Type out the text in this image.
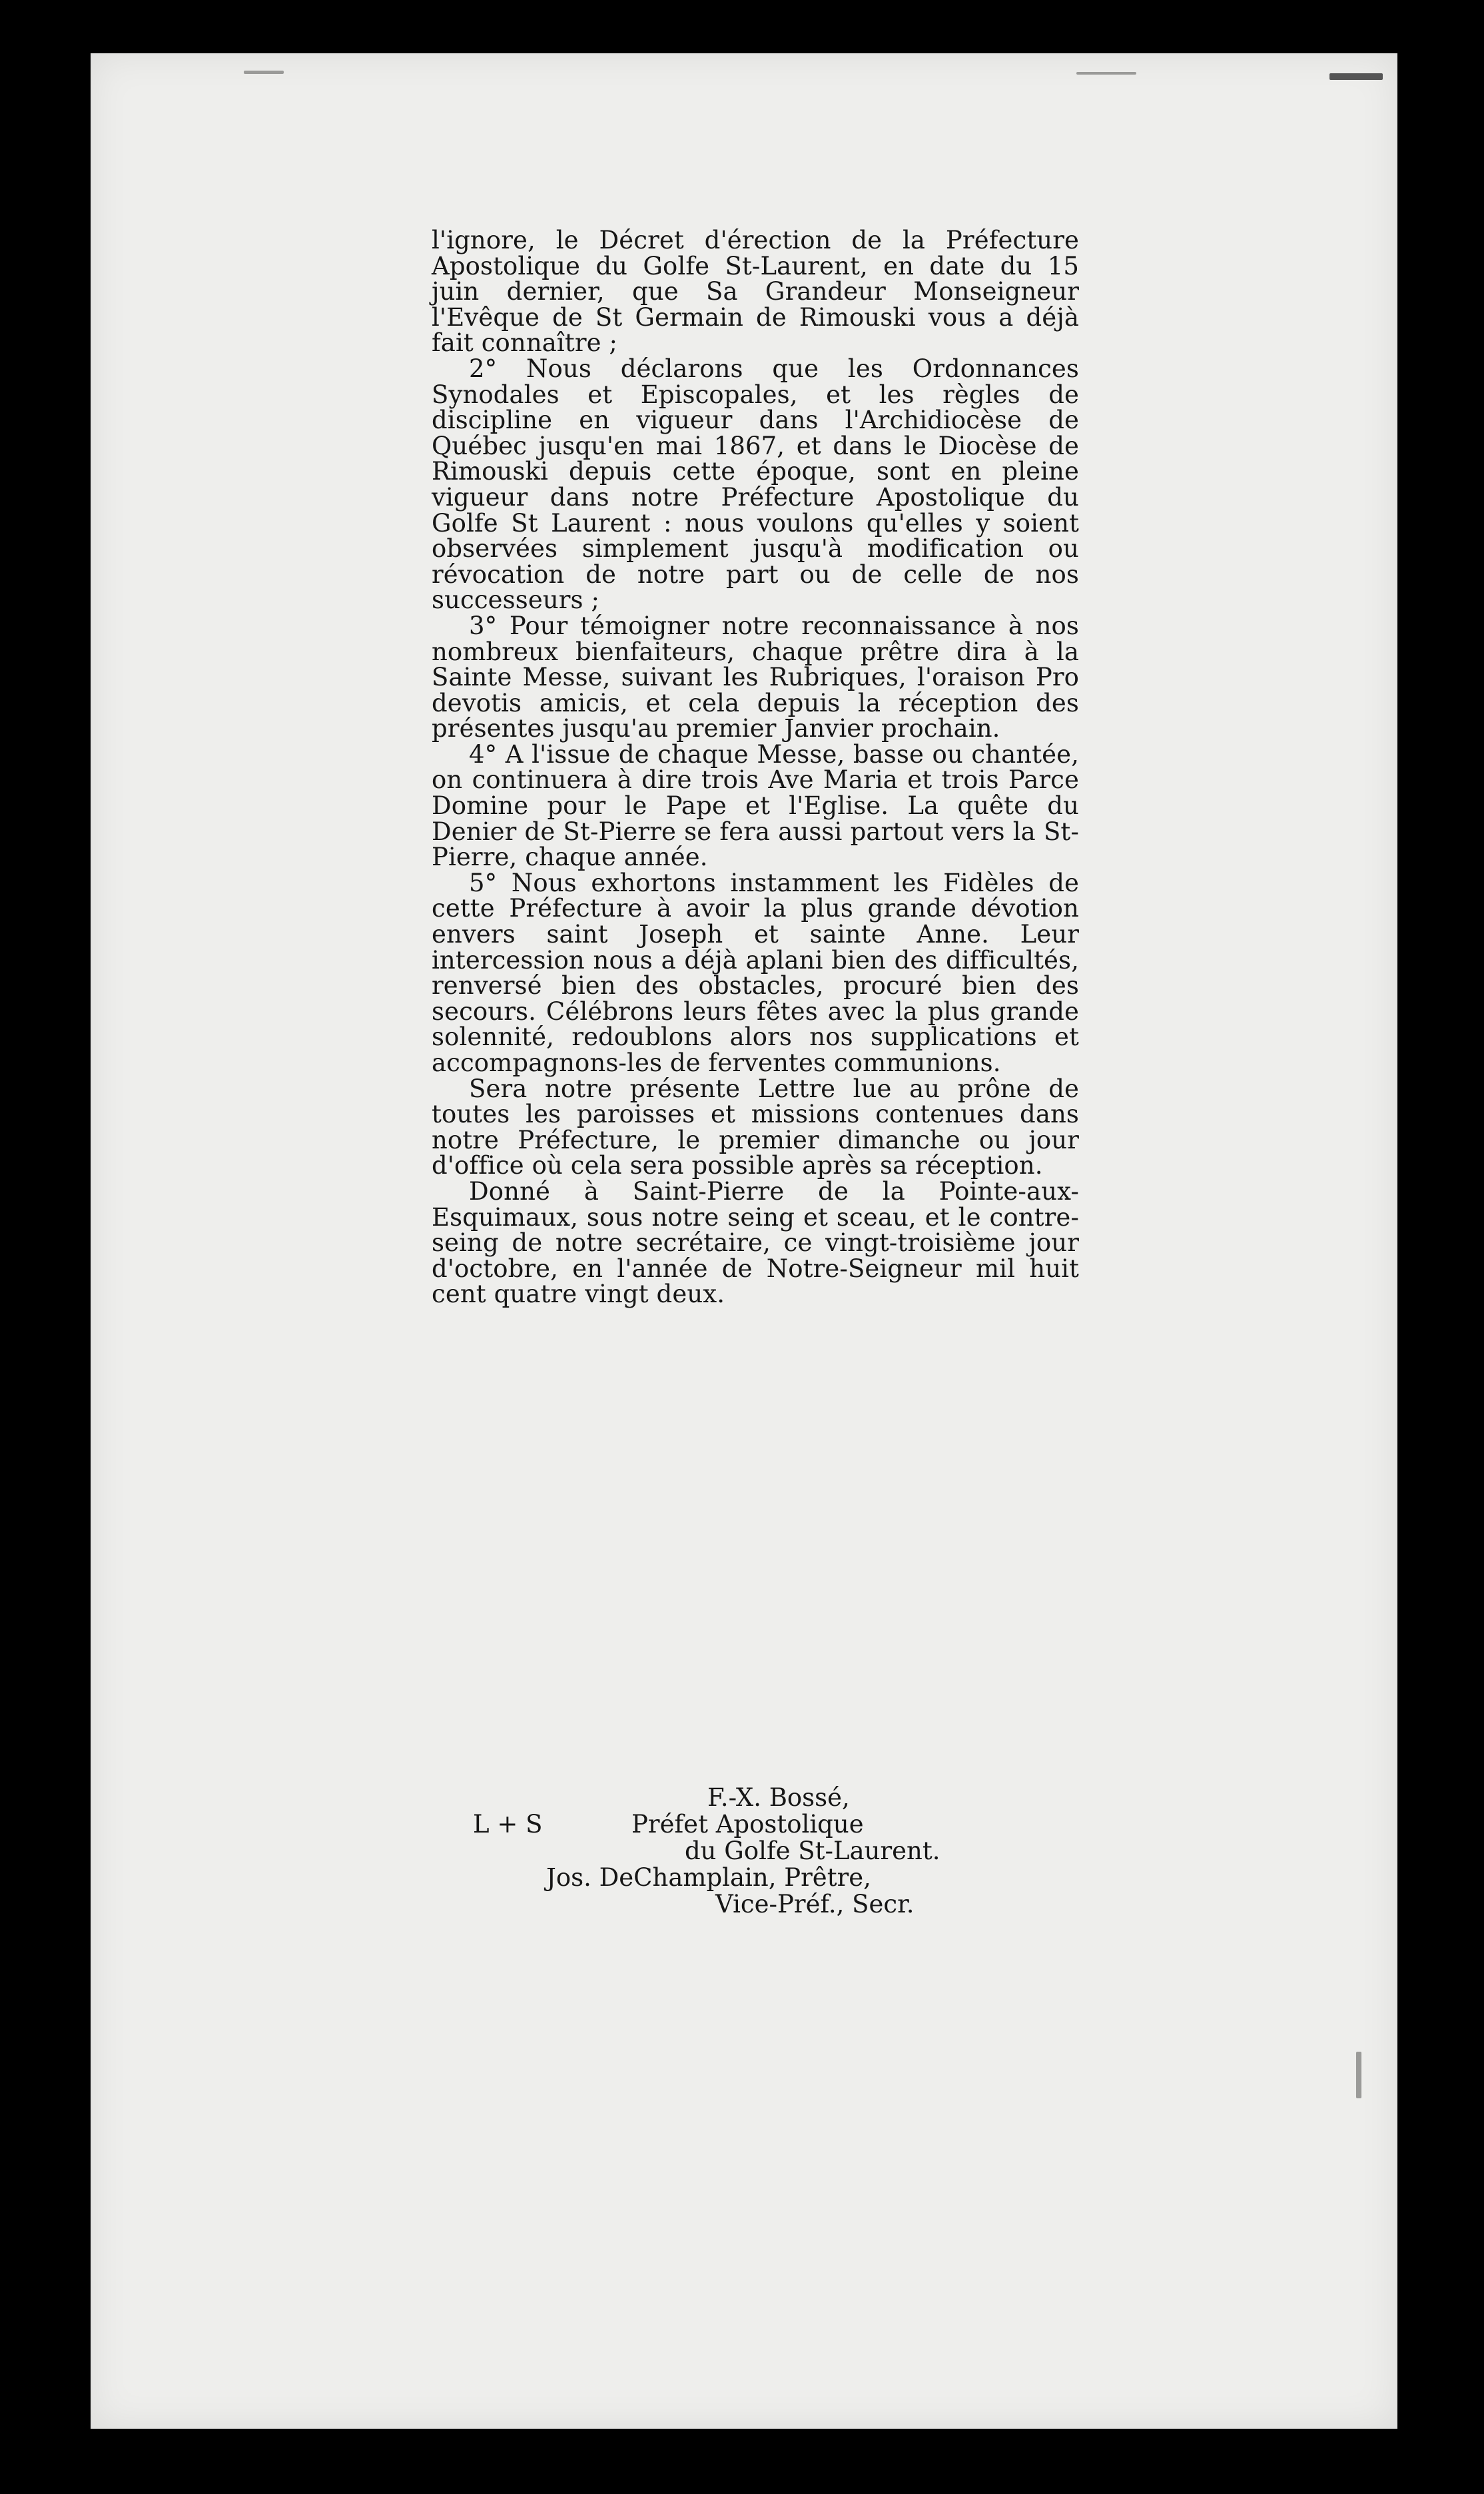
l'ignore, le Décret d'érection de la Préfecture Apostolique du Golfe St-Laurent, en date du 15 juin dernier, que Sa Grandeur Monseigneur l'Evêque de St Germain de Rimouski vous a déjà fait connaître ;

2° Nous déclarons que les Ordonnances Synodales et Episcopales, et les règles de discipline en vigueur dans l'Archidiocèse de Québec jusqu'en mai 1867, et dans le Diocèse de Rimouski depuis cette époque, sont en pleine vigueur dans notre Préfecture Apostolique du Golfe St Laurent : nous voulons qu'elles y soient observées simplement jusqu'à modification ou révocation de notre part ou de celle de nos successeurs ;

3° Pour témoigner notre reconnaissance à nos nombreux bienfaiteurs, chaque prêtre dira à la Sainte Messe, suivant les Rubriques, l'oraison Pro devotis amicis, et cela depuis la réception des présentes jusqu'au premier Janvier prochain.

4° A l'issue de chaque Messe, basse ou chantée, on continuera à dire trois Ave Maria et trois Parce Domine pour le Pape et l'Eglise. La quête du Denier de St-Pierre se fera aussi partout vers la St-Pierre, chaque année.

5° Nous exhortons instamment les Fidèles de cette Préfecture à avoir la plus grande dévotion envers saint Joseph et sainte Anne. Leur intercession nous a déjà aplani bien des difficultés, renversé bien des obstacles, procuré bien des secours. Célébrons leurs fêtes avec la plus grande solennité, redoublons alors nos supplications et accompagnons-les de ferventes communions.

Sera notre présente Lettre lue au prône de toutes les paroisses et missions contenues dans notre Préfecture, le premier dimanche ou jour d'office où cela sera possible après sa réception.

Donné à Saint-Pierre de la Pointe-aux-Esquimaux, sous notre seing et sceau, et le contre-seing de notre secrétaire, ce vingt-troisième jour d'octobre, en l'année de Notre-Seigneur mil huit cent quatre vingt deux.

F.-X. Bossé,
L + S	Préfet Apostolique
du Golfe St-Laurent.
Jos. DeChamplain, Prêtre,
Vice-Préf., Secr.
